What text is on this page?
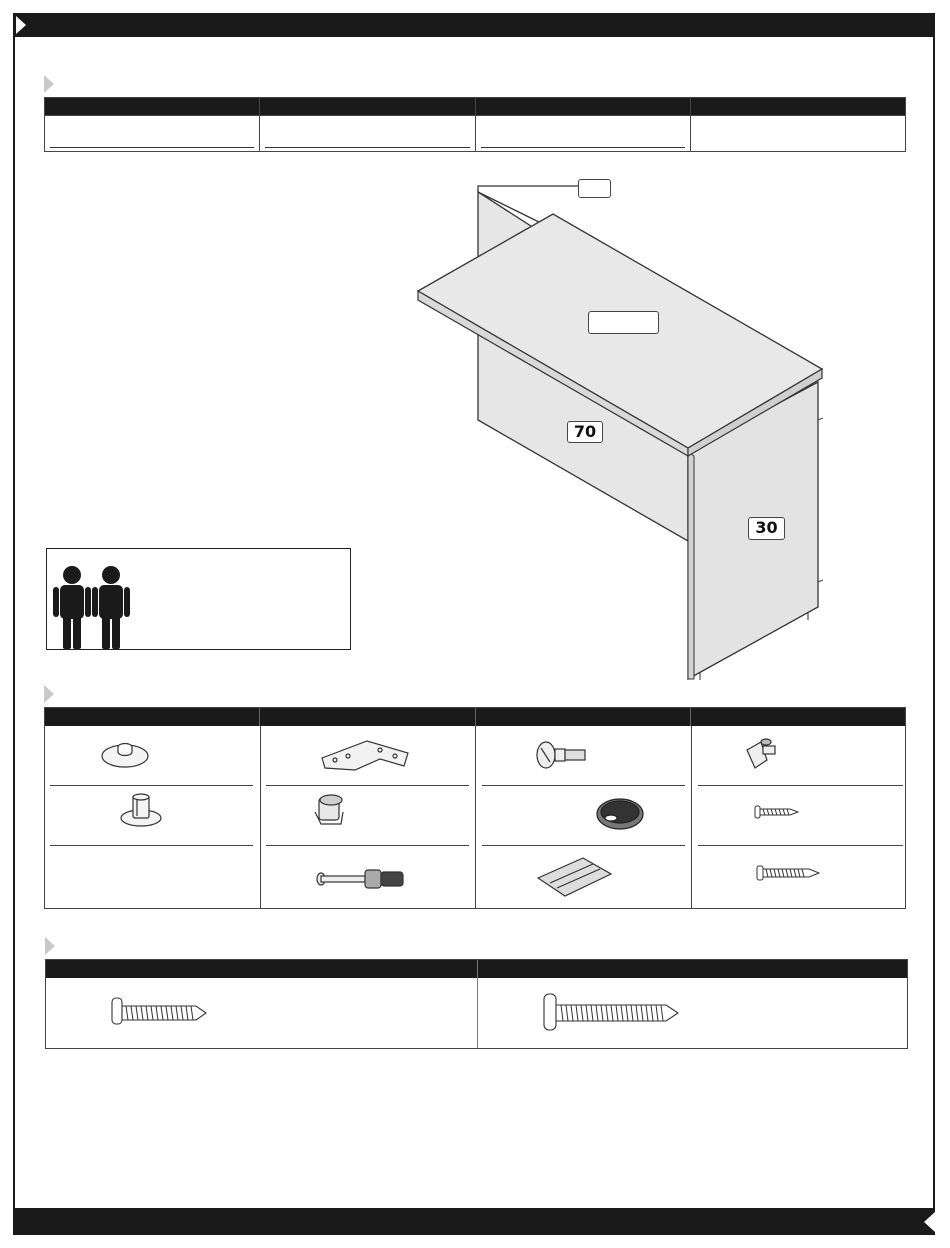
70
30
